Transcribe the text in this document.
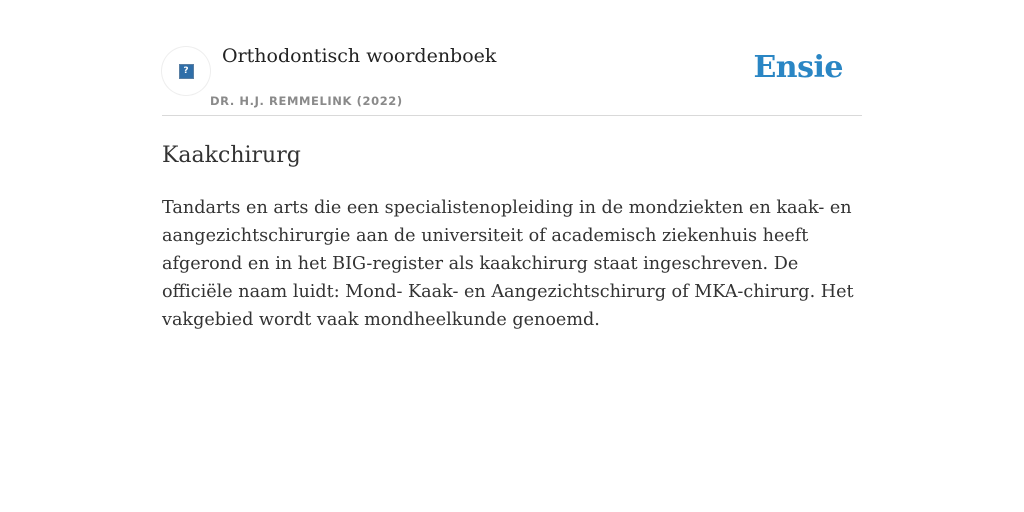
?
Orthodontisch woordenboek
DR. H.J. REMMELINK (2022)
Ensie
Kaakchirurg

Tandarts en arts die een specialistenopleiding in de mondziekten en kaak- en aangezichtschirurgie aan de universiteit of academisch ziekenhuis heeft afgerond en in het BIG-register als kaakchirurg staat ingeschreven. De officiële naam luidt: Mond- Kaak- en Aangezichtschirurg of MKA-chirurg. Het vakgebied wordt vaak mondheelkunde genoemd.
